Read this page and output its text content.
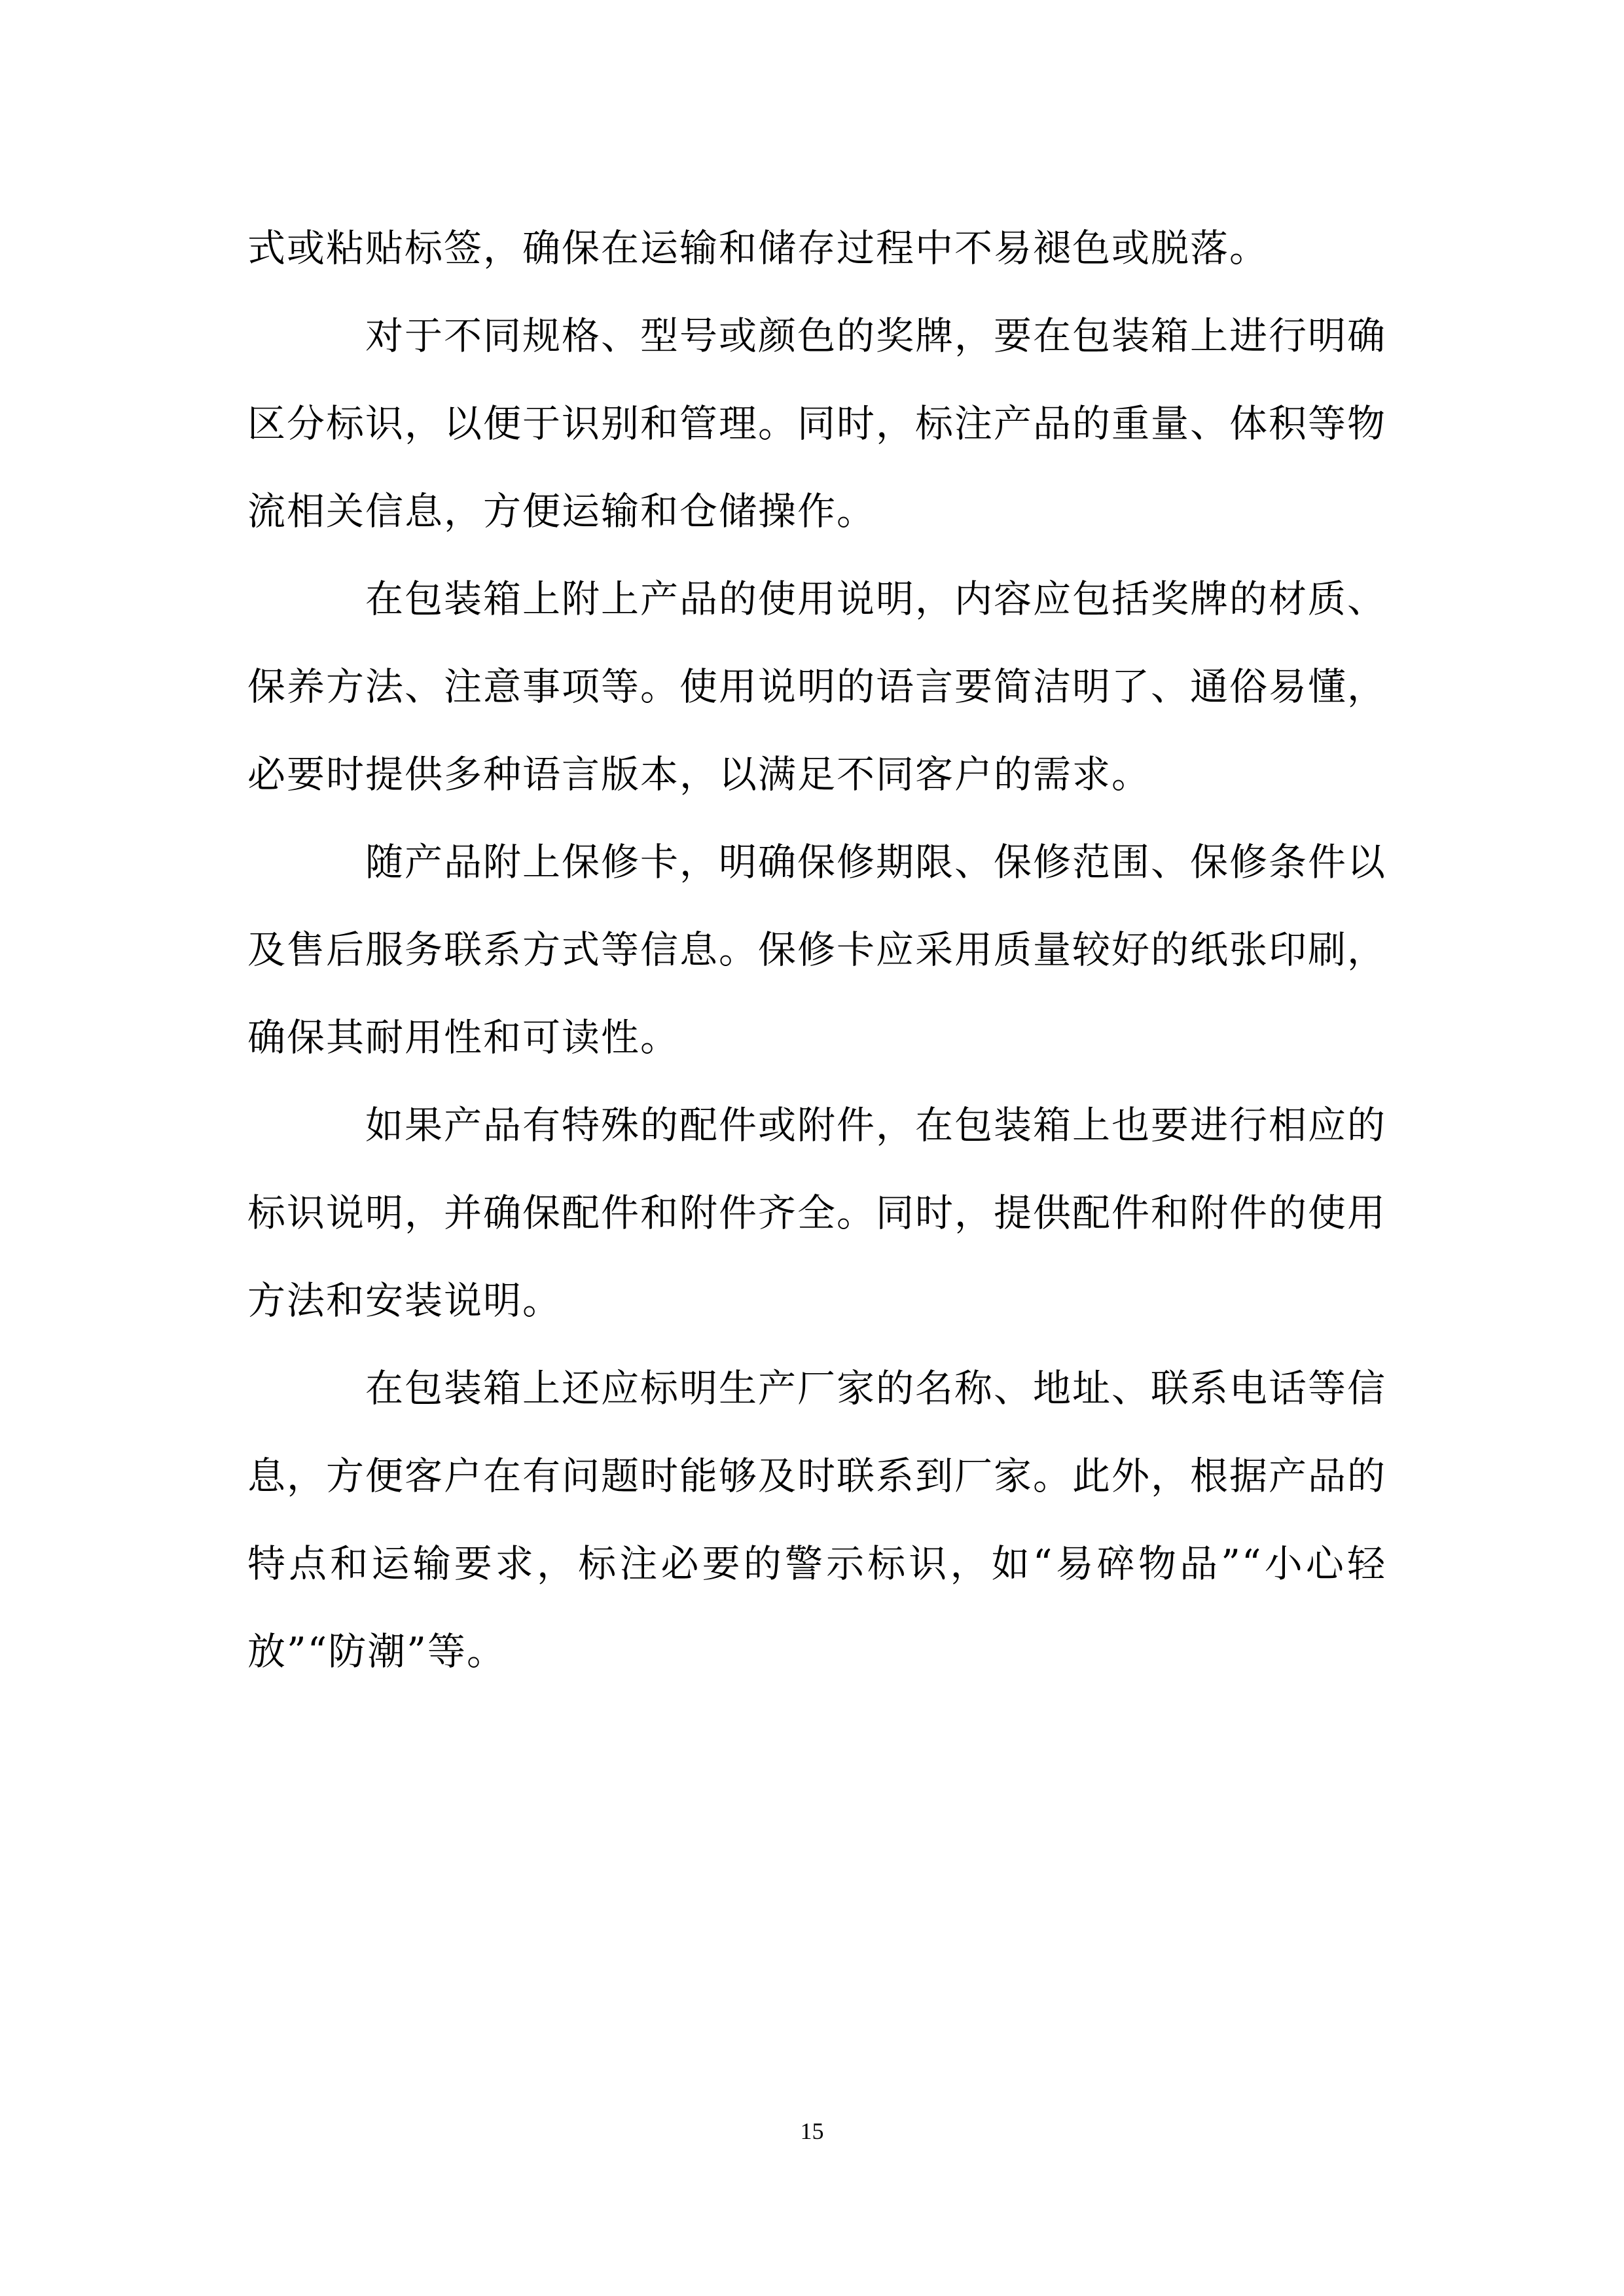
式或粘贴标签，确保在运输和储存过程中不易褪色或脱落。

对于不同规格、型号或颜色的奖牌，要在包装箱上进行明确区分标识，以便于识别和管理。同时，标注产品的重量、体积等物流相关信息，方便运输和仓储操作。

在包装箱上附上产品的使用说明，内容应包括奖牌的材质、保养方法、注意事项等。使用说明的语言要简洁明了、通俗易懂，必要时提供多种语言版本，以满足不同客户的需求。

随产品附上保修卡，明确保修期限、保修范围、保修条件以及售后服务联系方式等信息。保修卡应采用质量较好的纸张印刷，确保其耐用性和可读性。

如果产品有特殊的配件或附件，在包装箱上也要进行相应的标识说明，并确保配件和附件齐全。同时，提供配件和附件的使用方法和安装说明。

在包装箱上还应标明生产厂家的名称、地址、联系电话等信息，方便客户在有问题时能够及时联系到厂家。此外，根据产品的特点和运输要求，标注必要的警示标识，如“易碎物品”“小心轻放”“防潮”等。

15
